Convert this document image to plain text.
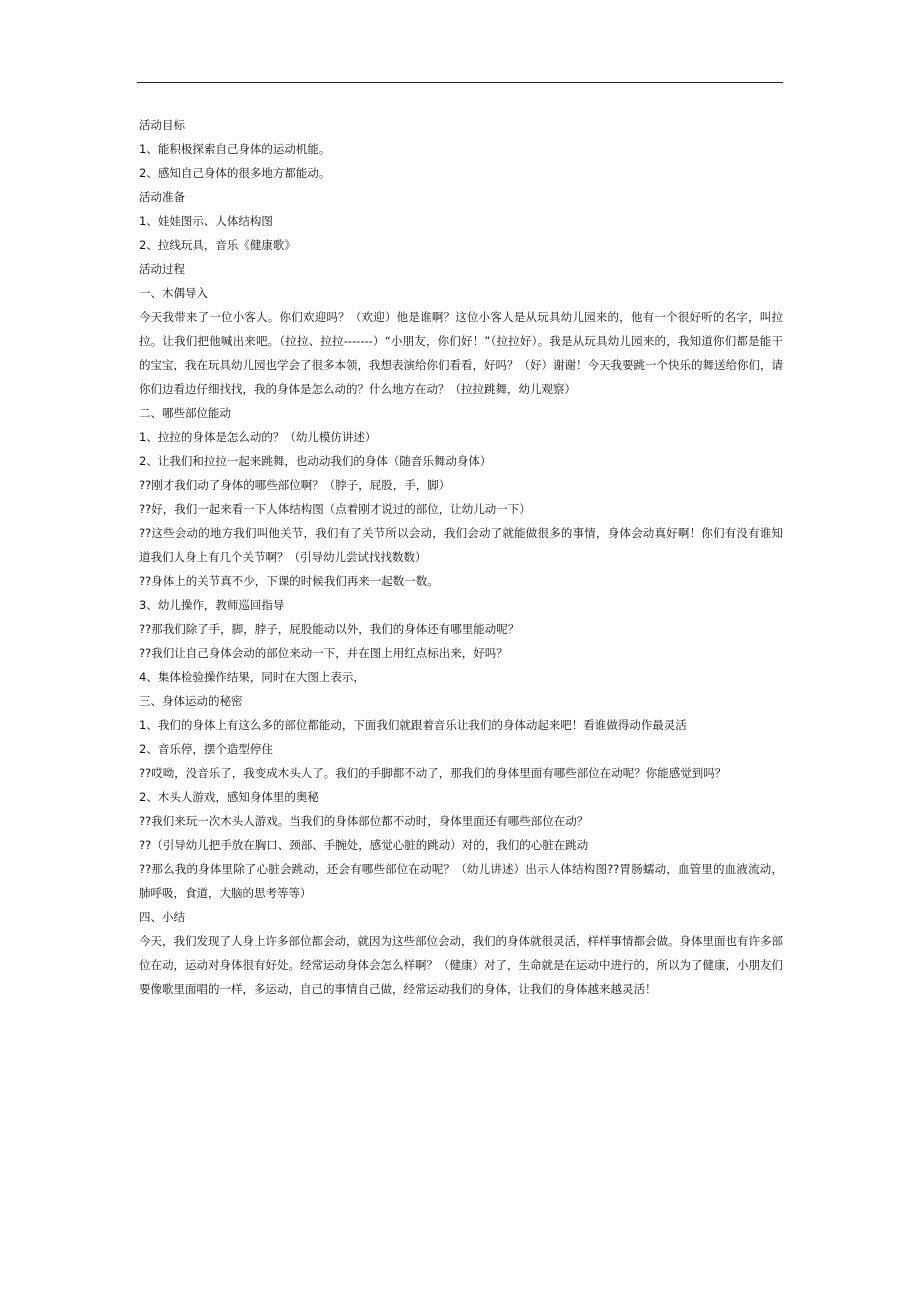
活动目标
1、能积极探索自己身体的运动机能。
2、感知自己身体的很多地方都能动。
活动准备
1、娃娃图示、人体结构图
2、拉线玩具，音乐《健康歌》
活动过程
一、木偶导入
今天我带来了一位小客人。你们欢迎吗？（欢迎）他是谁啊？这位小客人是从玩具幼儿园来的，他有一个很好听的名字，叫拉拉。让我们把他喊出来吧。（拉拉、拉拉-------）“小朋友，你们好！”（拉拉好）。我是从玩具幼儿园来的，我知道你们都是能干的宝宝，我在玩具幼儿园也学会了很多本领，我想表演给你们看看，好吗？（好）谢谢！今天我要跳一个快乐的舞送给你们，请你们边看边仔细找找，我的身体是怎么动的？什么地方在动？（拉拉跳舞，幼儿观察）
二、哪些部位能动
1、拉拉的身体是怎么动的？（幼儿模仿讲述）
2、让我们和拉拉一起来跳舞，也动动我们的身体（随音乐舞动身体）
??刚才我们动了身体的哪些部位啊？（脖子，屁股，手，脚）
??好，我们一起来看一下人体结构图（点着刚才说过的部位，让幼儿动一下）
??这些会动的地方我们叫他关节，我们有了关节所以会动，我们会动了就能做很多的事情，身体会动真好啊！你们有没有谁知道我们人身上有几个关节啊？（引导幼儿尝试找找数数）
??身体上的关节真不少，下课的时候我们再来一起数一数。
3、幼儿操作，教师巡回指导
??那我们除了手，脚，脖子，屁股能动以外，我们的身体还有哪里能动呢？
??我们让自己身体会动的部位来动一下，并在图上用红点标出来，好吗？
4、集体检验操作结果，同时在大图上表示，
三、身体运动的秘密
1、我们的身体上有这么多的部位都能动，下面我们就跟着音乐让我们的身体动起来吧！看谁做得动作最灵活
2、音乐停，摆个造型停住
??哎呦，没音乐了，我变成木头人了。我们的手脚都不动了，那我们的身体里面有哪些部位在动呢？你能感觉到吗？
2、木头人游戏，感知身体里的奥秘
??我们来玩一次木头人游戏。当我们的身体部位都不动时，身体里面还有哪些部位在动？
??（引导幼儿把手放在胸口、颈部、手腕处，感觉心脏的跳动）对的，我们的心脏在跳动
??那么我的身体里除了心脏会跳动，还会有哪些部位在动呢？（幼儿讲述）出示人体结构图??胃肠蠕动，血管里的血液流动，肺呼吸，食道，大脑的思考等等）
四、小结
今天，我们发现了人身上许多部位都会动，就因为这些部位会动，我们的身体就很灵活，样样事情都会做。身体里面也有许多部位在动，运动对身体很有好处。经常运动身体会怎么样啊？（健康）对了，生命就是在运动中进行的，所以为了健康，小朋友们要像歌里面唱的一样，多运动，自己的事情自己做，经常运动我们的身体，让我们的身体越来越灵活！
